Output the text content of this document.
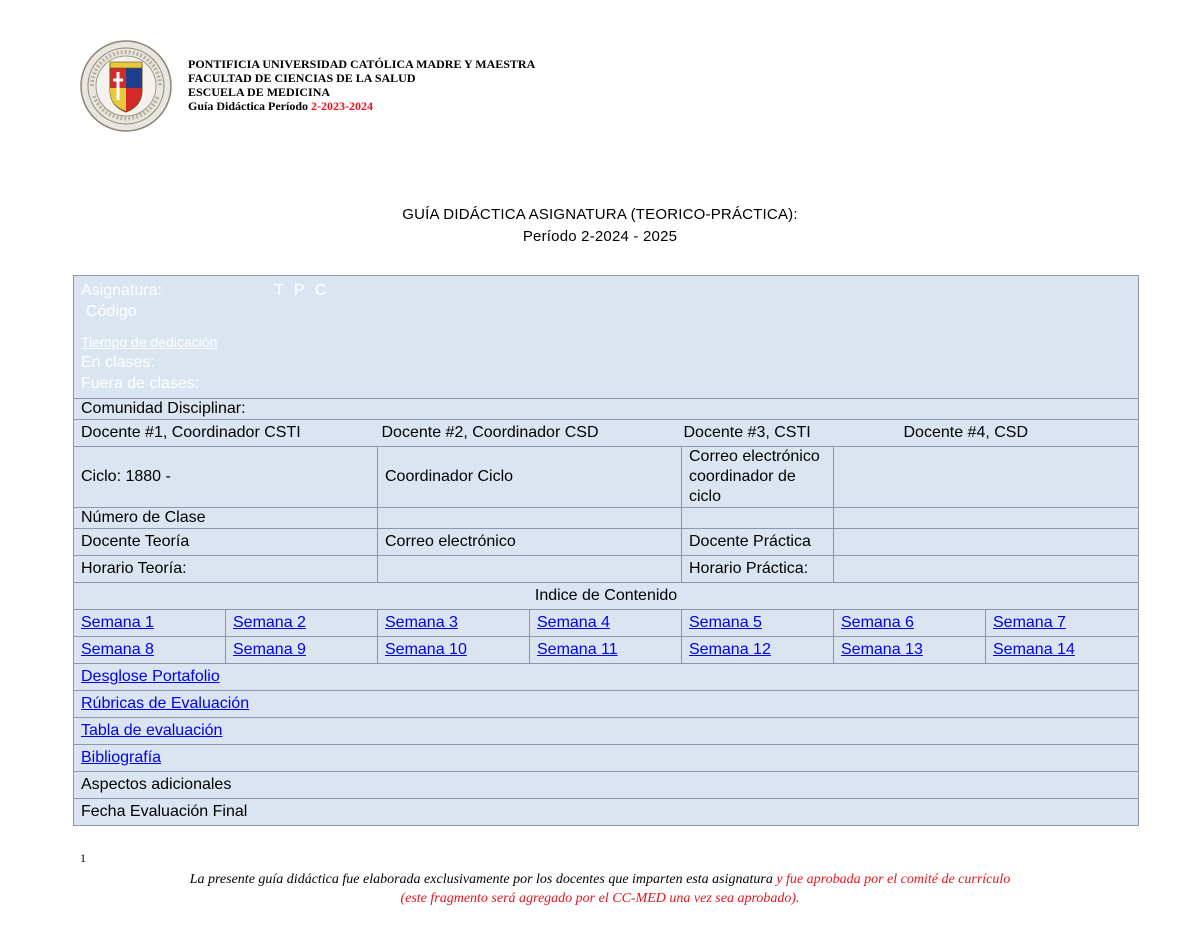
PONTIFICIA UNIVERSIDAD CATÓLICA MADRE Y MAESTRA
FACULTAD DE CIENCIAS DE LA SALUD
ESCUELA DE MEDICINA
Guía Didáctica Período 2-2023-2024
GUÍA DIDÁCTICA ASIGNATURA (TEORICO-PRÁCTICA):
Período 2-2024 - 2025
Asignatura: T P C
Código
Tiempo de dedicación
En clases:
Fuera de clases:						

Comunidad Disciplinar:						
Docente #1, Coordinador CSTI		Docente #2, Coordinador CSD		Docente #3, CSTI	Docente #4, CSD	
Ciclo: 1880 -		Coordinador Ciclo		Correo electrónico
coordinador de ciclo		

Número de Clase						
Docente Teoría		Correo electrónico		Docente Práctica		
Horario Teoría:				Horario Práctica:		
Indice de Contenido						
Semana 1	Semana 2	Semana 3	Semana 4	Semana 5	Semana 6	Semana 7
Semana 8	Semana 9	Semana 10	Semana 11	Semana 12	Semana 13	Semana 14
Desglose Portafolio						
Rúbricas de Evaluación						
Tabla de evaluación						
Bibliografía						
Aspectos adicionales						
Fecha Evaluación Final						
1
La presente guía didáctica fue elaborada exclusivamente por los docentes que imparten esta asignatura y fue aprobada por el comité de currículo
(este fragmento será agregado por el CC-MED una vez sea aprobado).
